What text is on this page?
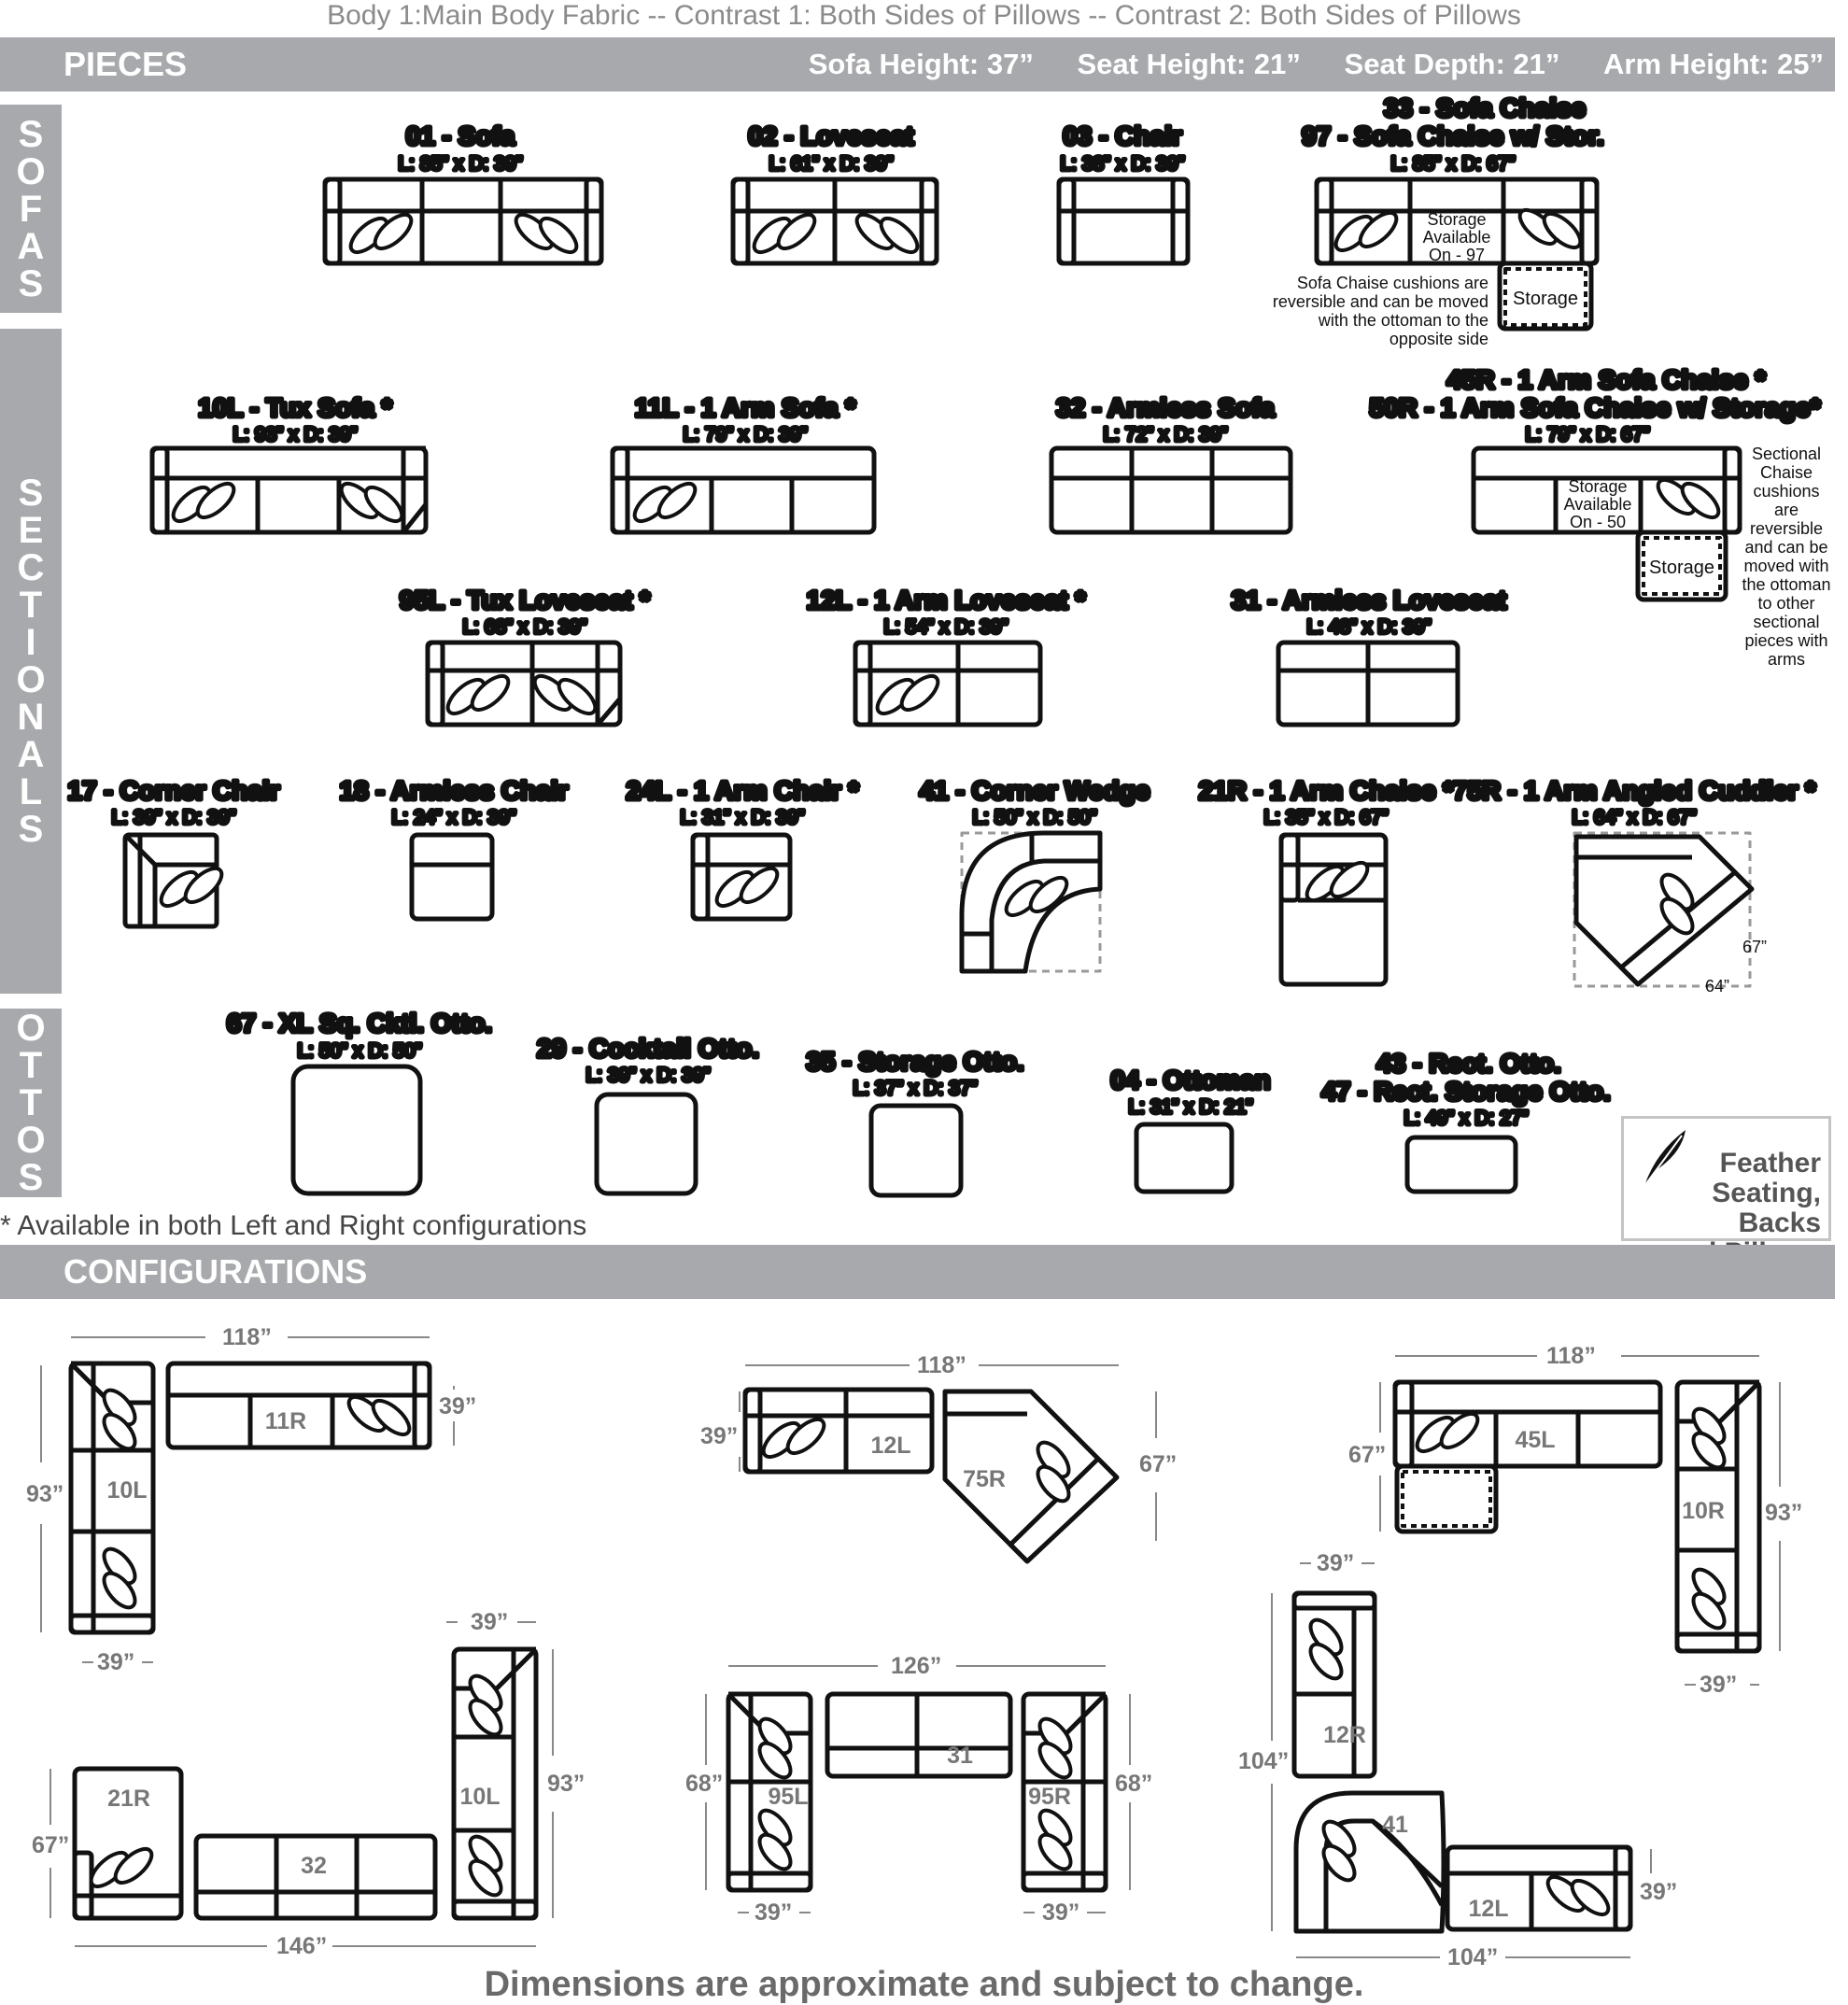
Body 1:Main Body Fabric -- Contrast 1: Both Sides of Pillows -- Contrast 2: Both Sides of Pillows
PIECES	Sofa Height: 37” Seat Height: 21” Seat Depth: 21” Arm Height: 25”
S
O
F
A
S
S
E
C
T
I
O
N
A
L
S
O
T
T
O
S
01 - Sofa
L: 85” x D: 39”
02 - Loveseat
L: 61” x D: 39”
03 - Chair
L: 38” x D: 39”
33 - Sofa Chaise
97 - Sofa Chaise w/ Stor.
L: 85” x D: 67”
10L - Tux Sofa *
L: 93” x D: 39”
11L - 1 Arm Sofa *
L: 79” x D: 39”
32 - Armless Sofa
L: 72” x D: 39”
45R - 1 Arm Sofa Chaise *
50R - 1 Arm Sofa Chaise w/ Storage*
L: 79” x D: 67”
95L - Tux Loveseat *
L: 68” x D: 39”
12L - 1 Arm Loveseat *
L: 54” x D: 39”
31 - Armless Loveseat
L: 48” x D: 39”
17 - Corner Chair
L: 39” x D: 39”
18 - Armless Chair
L: 24” x D: 39”
24L - 1 Arm Chair *
L: 31” x D: 39”
41 - Corner Wedge
L: 50” x D: 50”
21R - 1 Arm Chaise *
L: 35” x D: 67”
75R - 1 Arm Angled Cuddler *
L: 64” x D: 67”
67”
64”
67 - XL Sq. Cktl. Otto.
L: 50” x D: 50”	29 - Cocktail Otto.
L: 39” x D: 39”	35 - Storage Otto.
L: 37” x D: 37”	04 - Ottoman
L: 31” x D: 21”
43 - Rect. Otto.
47 - Rect. Storage Otto.
L: 49” x D: 27”
Storage
Available
On - 97
Storage
Sofa Chaise cushions are
reversible and can be moved
with the ottoman to the
opposite side
Storage
Available
On - 50
Storage
Sectional
Chaise
cushions
are
reversible
and can be
moved with
the ottoman
to other
sectional
pieces with
arms
11R
10L
12L
75R
45L
10R
21R
32
10L	95L
31
95R
12R
41
12L
118”
93”
39”
39”
118”
67”
39”
118”
67”
93”
39”
146”
67”
93”
39”
126”
68”	68”
39”	39”
39”
104”
104”
39”
Feather
Seating, Backs
* Available in both Left and Right configurations
CONFIGURATIONS
Dimensions are approximate and subject to change.
